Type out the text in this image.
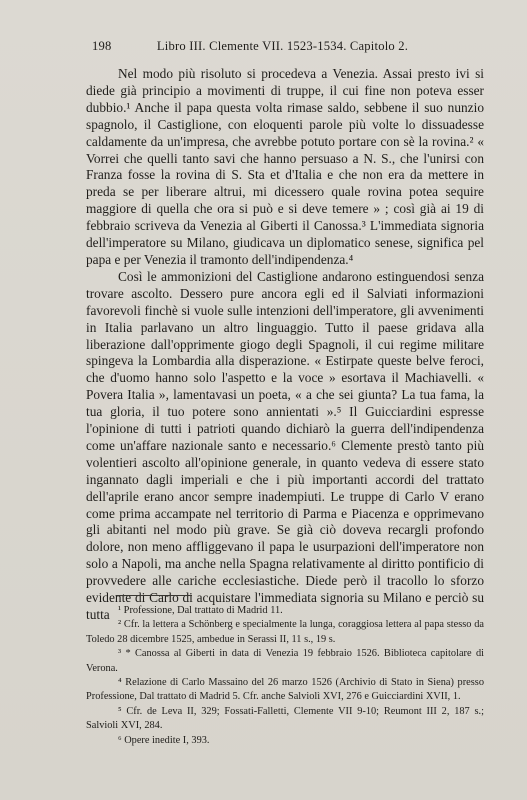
198	Libro III. Clemente VII. 1523-1534. Capitolo 2.

Nel modo più risoluto si procedeva a Venezia. Assai presto ivi si diede già principio a movimenti di truppe, il cui fine non poteva esser dubbio.¹ Anche il papa questa volta rimase saldo, sebbene il suo nunzio spagnolo, il Castiglione, con eloquenti parole più volte lo dissuadesse caldamente da un'impresa, che avrebbe potuto portare con sè la rovina.² « Vorrei che quelli tanto savi che hanno persuaso a N. S., che l'unirsi con Franza fosse la rovina di S. Sta et d'Italia e che non era da mettere in preda se per liberare altrui, mi dicessero quale rovina potea sequire maggiore di quella che ora si può e si deve temere » ; così già ai 19 di febbraio scriveva da Venezia al Giberti il Canossa.³ L'immediata signoria dell'imperatore su Milano, giudicava un diplomatico senese, significa pel papa e per Venezia il tramonto dell'indipendenza.⁴

Così le ammonizioni del Castiglione andarono estinguendosi senza trovare ascolto. Dessero pure ancora egli ed il Salviati informazioni favorevoli finchè si vuole sulle intenzioni dell'imperatore, gli avvenimenti in Italia parlavano un altro linguaggio. Tutto il paese gridava alla liberazione dall'opprimente giogo degli Spagnoli, il cui regime militare spingeva la Lombardia alla disperazione. « Estirpate queste belve feroci, che d'uomo hanno solo l'aspetto e la voce » esortava il Machiavelli. « Povera Italia », lamentavasi un poeta, « a che sei giunta? La tua fama, la tua gloria, il tuo potere sono annientati ».⁵ Il Guicciardini espresse l'opinione di tutti i patrioti quando dichiarò la guerra dell'indipendenza come un'affare nazionale santo e necessario.⁶ Clemente prestò tanto più volentieri ascolto all'opinione generale, in quanto vedeva di essere stato ingannato dagli imperiali e che i più importanti accordi del trattato dell'aprile erano ancor sempre inadempiuti. Le truppe di Carlo V erano come prima accampate nel territorio di Parma e Piacenza e opprimevano gli abitanti nel modo più grave. Se già ciò doveva recargli profondo dolore, non meno affliggevano il papa le usurpazioni dell'imperatore non solo a Napoli, ma anche nella Spagna relativamente al diritto pontificio di provvedere alle cariche ecclesiastiche. Diede però il tracollo lo sforzo evidente di Carlo di acquistare l'immediata signoria su Milano e perciò su tutta ¹ Professione, Dal trattato di Madrid 11.

² Cfr. la lettera a Schönberg e specialmente la lunga, coraggiosa lettera al papa stesso da Toledo 28 dicembre 1525, ambedue in Serassi II, 11 s., 19 s.

³ * Canossa al Giberti in data di Venezia 19 febbraio 1526. Biblioteca capitolare di Verona.

⁴ Relazione di Carlo Massaino del 26 marzo 1526 (Archivio di Stato in Siena) presso Professione, Dal trattato di Madrid 5. Cfr. anche Salviolì XVI, 276 e Guicciardini XVII, 1.

⁵ Cfr. de Leva II, 329; Fossati-Falletti, Clemente VII 9-10; Reumont III 2, 187 s.; Salvioli XVI, 284.

⁶ Opere inedite I, 393.
